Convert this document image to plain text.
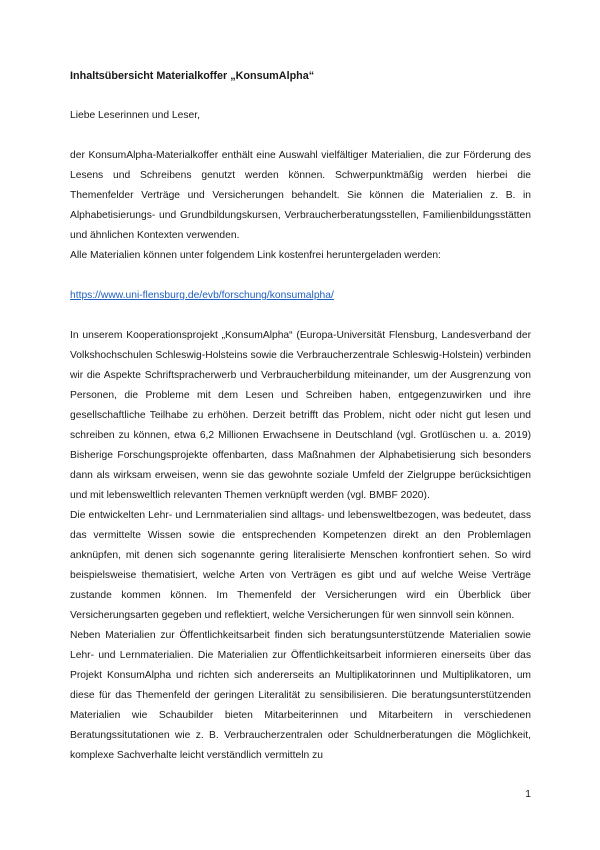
Inhaltsübersicht Materialkoffer „KonsumAlpha“
Liebe Leserinnen und Leser,

der KonsumAlpha-Materialkoffer enthält eine Auswahl vielfältiger Materialien, die zur Förderung des Lesens und Schreibens genutzt werden können. Schwerpunktmäßig werden hierbei die Themenfelder Verträge und Versicherungen behandelt. Sie können die Materialien z. B. in Alphabetisierungs- und Grundbildungskursen, Verbraucherberatungsstellen, Familienbildungsstätten und ähnlichen Kontexten verwenden.

Alle Materialien können unter folgendem Link kostenfrei heruntergeladen werden:

https://www.uni-flensburg.de/evb/forschung/konsumalpha/

In unserem Kooperationsprojekt „KonsumAlpha“ (Europa-Universität Flensburg, Landesverband der Volkshochschulen Schleswig-Holsteins sowie die Verbraucherzentrale Schleswig-Holstein) verbinden wir die Aspekte Schriftspracherwerb und Verbraucherbildung miteinander, um der Ausgrenzung von Personen, die Probleme mit dem Lesen und Schreiben haben, entgegenzuwirken und ihre gesellschaftliche Teilhabe zu erhöhen. Derzeit betrifft das Problem, nicht oder nicht gut lesen und schreiben zu können, etwa 6,2 Millionen Erwachsene in Deutschland (vgl. Grotlüschen u. a. 2019) Bisherige Forschungsprojekte offenbarten, dass Maßnahmen der Alphabetisierung sich besonders dann als wirksam erweisen, wenn sie das gewohnte soziale Umfeld der Zielgruppe berücksichtigen und mit lebensweltlich relevanten Themen verknüpft werden (vgl. BMBF 2020).

Die entwickelten Lehr- und Lernmaterialien sind alltags- und lebensweltbezogen, was bedeutet, dass das vermittelte Wissen sowie die entsprechenden Kompetenzen direkt an den Problemlagen anknüpfen, mit denen sich sogenannte gering literalisierte Menschen konfrontiert sehen. So wird beispielsweise thematisiert, welche Arten von Verträgen es gibt und auf welche Weise Verträge zustande kommen können. Im Themenfeld der Versicherungen wird ein Überblick über Versicherungsarten gegeben und reflektiert, welche Versicherungen für wen sinnvoll sein können.

Neben Materialien zur Öffentlichkeitsarbeit finden sich beratungsunterstützende Materialien sowie Lehr- und Lernmaterialien. Die Materialien zur Öffentlichkeitsarbeit informieren einerseits über das Projekt KonsumAlpha und richten sich andererseits an Multiplikatorinnen und Multiplikatoren, um diese für das Themenfeld der geringen Literalität zu sensibilisieren. Die beratungsunterstützenden Materialien wie Schaubilder bieten Mitarbeiterinnen und Mitarbeitern in verschiedenen Beratungssitutationen wie z. B. Verbraucherzentralen oder Schuldnerberatungen die Möglichkeit, komplexe Sachverhalte leicht verständlich vermitteln zu

1
